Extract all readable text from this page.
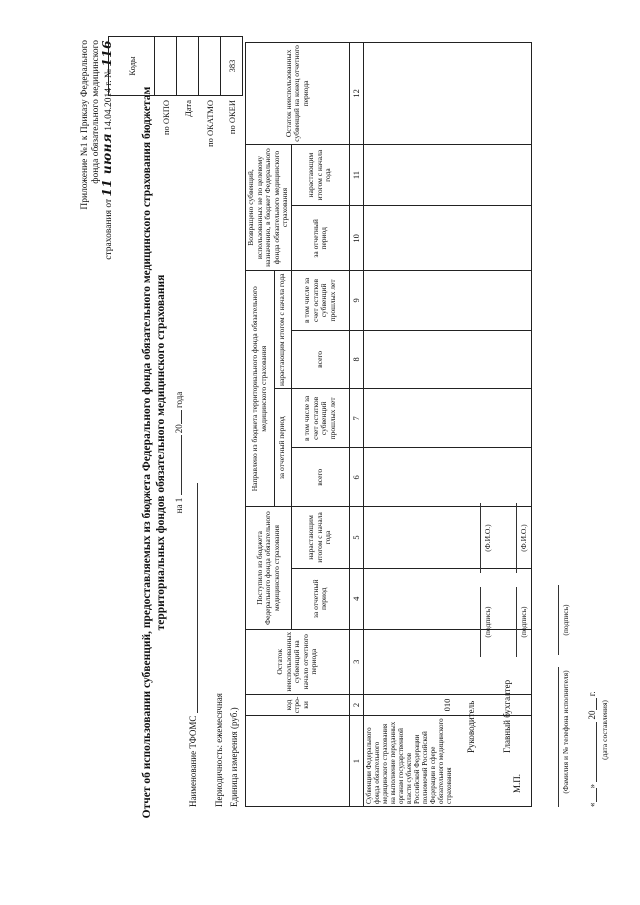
Приложение №1 к Приказу Федерального фонда обязательного медицинского
страхования от 11 июня 14.04.2014 г. № 116
Отчет об использовании субвенций, предоставляемых из бюджета Федерального фонда обязательного медицинского страхования бюджетам территориальных фондов обязательного медицинского страхования на 1  20 года
Наименование ТФОМС Периодичность: ежемесячная Единица измерения (руб.)
	Коды
по ОКПО	
Дата	
по ОКАТМО	
по ОКЕИ	383
	код стро-ки	Остаток неиспользованных субвенций на начало отчетного периода	Поступило из бюджета Федерального фонда обязательного медицинского страхования		Направлено из бюджета территориального фонда обязательного медицинского страхования				Возвращено субвенций, использованных не по целевому назначению, в бюджет Федерального фонда обязательного медицинского страхования		Остаток неиспользованных субвенций на конец отчетного периода
					за отчетный период		нарастающим итогом с начала года				
			за отчетный период	нарастающим итогом с начала года	всего	в том числе за счет остатков субвенций прошлых лет	всего	в том числе за счет остатков субвенций прошлых лет	за отчетный период	нарастающим итогом с начала года	
1	2	3	4	5	6	7	8	9	10	11	12
Субвенции Федерального фонда обязательного медицинского страхования на выполнение переданных органам государственной власти субъектов Российской Федерации полномочий Российской Федерации в сфере обязательного медицинского страхования	010										Руководитель
(подпись)
(Ф.И.О.)
М.П.
Главный бухгалтер
(подпись)
(Ф.И.О.)
(Фамилия и № телефона исполнителя)
(подпись)
«»  20 г.
(дата составления)
